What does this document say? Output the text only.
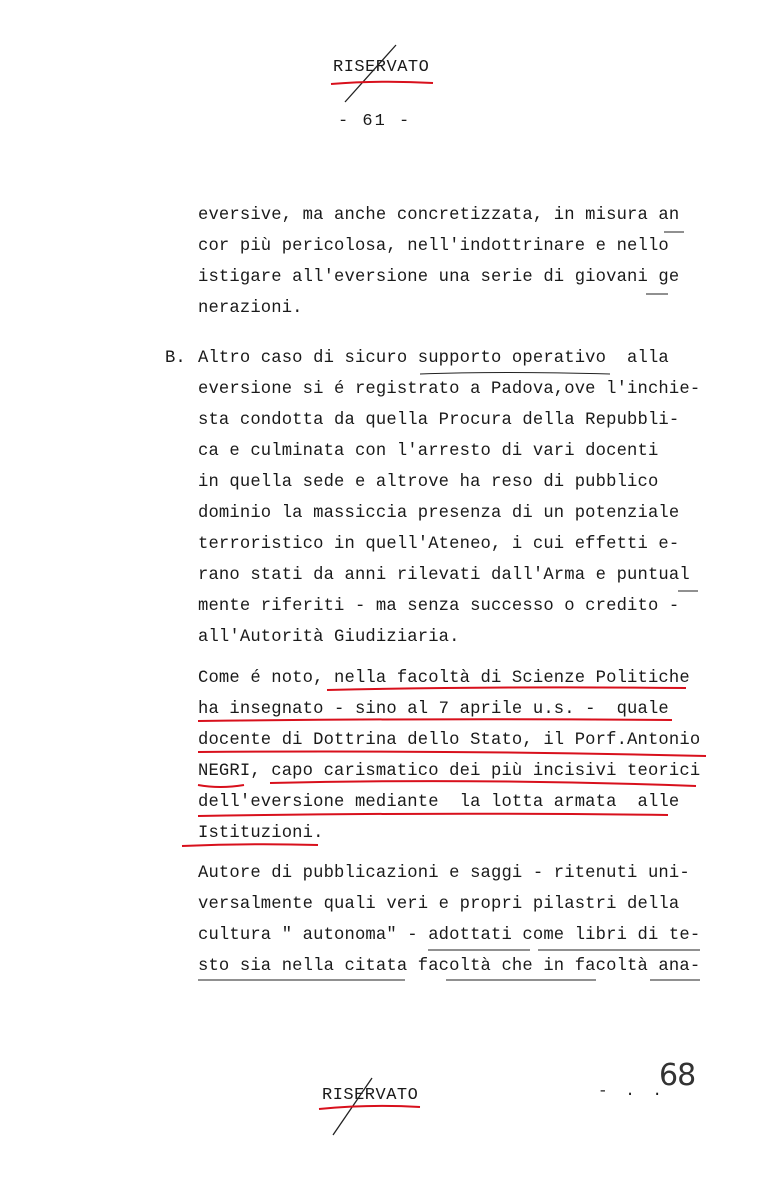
RISERVATO
- 61 -
eversive, ma anche concretizzata, in misura an
cor più pericolosa, nell'indottrinare e nello
istigare all'eversione una serie di giovani ge
nerazioni.
B. Altro caso di sicuro supporto operativo  alla
eversione si é registrato a Padova,ove l'inchie-
sta condotta da quella Procura della Repubbli-
ca e culminata con l'arresto di vari docenti
in quella sede e altrove ha reso di pubblico
dominio la massiccia presenza di un potenziale
terroristico in quell'Ateneo, i cui effetti e-
rano stati da anni rilevati dall'Arma e puntual
mente riferiti - ma senza successo o credito -
all'Autorità Giudiziaria.
Come é noto, nella facoltà di Scienze Politiche
ha insegnato - sino al 7 aprile u.s. -  quale
docente di Dottrina dello Stato, il Porf.Antonio
NEGRI, capo carismatico dei più incisivi teorici
dell'eversione mediante  la lotta armata  alle
Istituzioni.
Autore di pubblicazioni e saggi - ritenuti uni-
versalmente quali veri e propri pilastri della
cultura " autonoma" - adottati come libri di te-
sto sia nella citata facoltà che in facoltà ana-
RISERVATO	- . .
68
